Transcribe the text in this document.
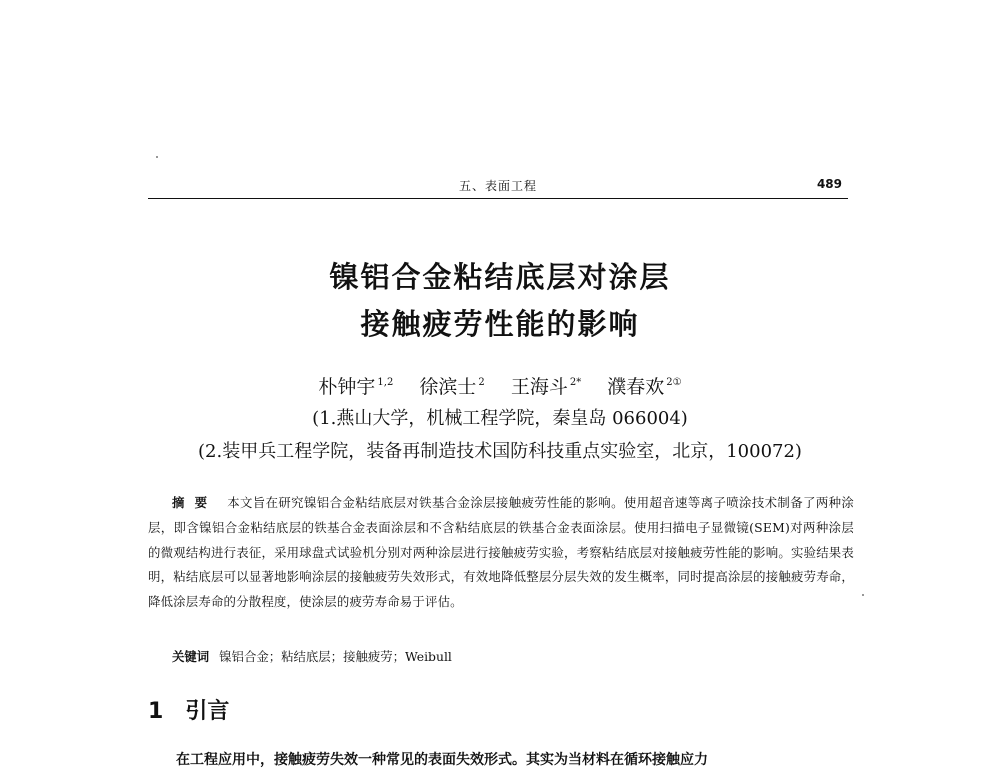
五、表面工程	489
镍铝合金粘结底层对涂层
接触疲劳性能的影响
朴钟宇 $^{1,2}$ 徐滨士 $^2$ 王海斗 $^{2*}$ 濮春欢 $^{2①}$
(1.燕山大学，机械工程学院，秦皇岛 066004)
(2.装甲兵工程学院，装备再制造技术国防科技重点实验室，北京，100072)
摘要 本文旨在研究镍铝合金粘结底层对铁基合金涂层接触疲劳性能的影响。使用超音速等离子喷涂技术制备了两种涂层，即含镍铝合金粘结底层的铁基合金表面涂层和不含粘结底层的铁基合金表面涂层。使用扫描电子显微镜(SEM)对两种涂层的微观结构进行表征，采用球盘式试验机分别对两种涂层进行接触疲劳实验，考察粘结底层对接触疲劳性能的影响。实验结果表明，粘结底层可以显著地影响涂层的接触疲劳失效形式，有效地降低整层分层失效的发生概率，同时提高涂层的接触疲劳寿命，降低涂层寿命的分散程度，使涂层的疲劳寿命易于评估。
关键词 镍铝合金；粘结底层；接触疲劳；Weibull
1 引言
在工程应用中，接触疲劳失效一种常见的表面失效形式。其实为当材料在循环接触应力
